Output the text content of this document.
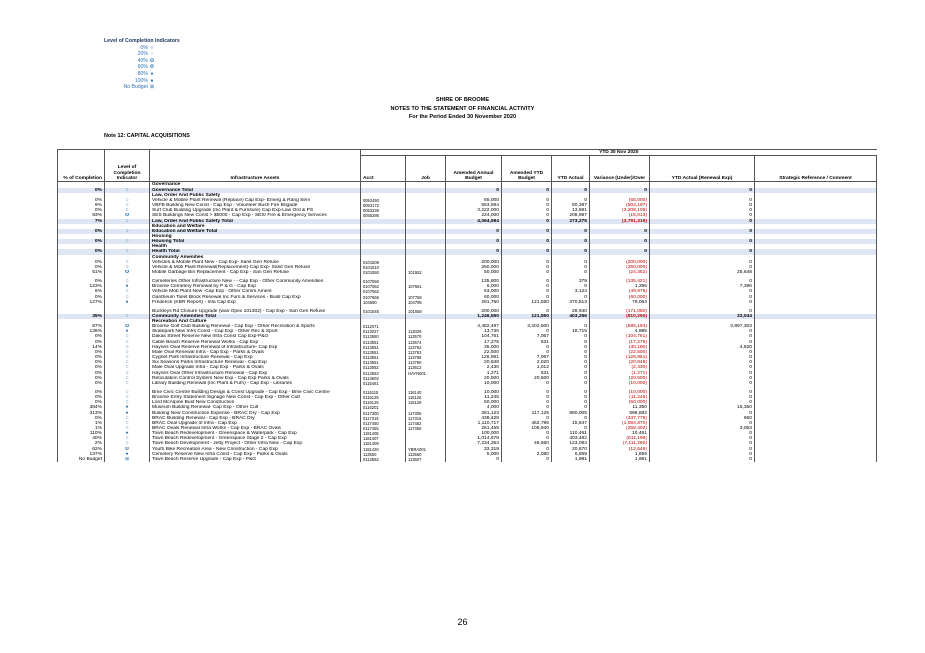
Level of Completion Indicators
0% ○
20% ◌
40% ✪
60% ❂
80% ●
100% ●
No Budget ⊠
SHIRE OF BROOME
NOTES TO THE STATEMENT OF FINANCIAL ACTIVITY
For the Period Ended 30 November 2020
Note 12: CAPITAL ACQUISITIONS
			YTD 30 Nov 2020							
% of Completion	Level of Completion Indicator	Infrastructure Assets	Acct	Job	Amended Annual Budget	Amended YTD Budget	YTD Actual	Variance (Under)/Over	YTD Actual (Renewal Exp)	Strategic Reference / Comment
		Governance								
0%	○	Governance Total			0	0	0	0	0	
		Law, Order And Public Safety								
0%	○	Vehicle & Mobile Plant Renewal (Replace) Cap Exp- Emerg & Rang Serv	0052450		65,000	0	0	(65,000)	0	
9%	○	VBFB Building New Const - Cap Exp - Volunteer Bush Fire Brigade	0053172		553,594	0	50,397	(503,197)	0	
0%	○	Surf Club Building Upgrade (Inc Plant & Furniture) Cap Exp-Law Ord & PS	0053239		3,222,000	0	13,891	(3,208,109)	0	
93%	✪	SES Buildings New Const > $5000 - Cap Exp - SES/ Fire & Emergency Services	0055286		224,000	0	208,987	(15,013)	0	
7%	○	Law, Order And Public Safety Total			4,064,594	0	273,275	(3,791,319)	0	
		Education and Welfare								
0%	○	Education and Welfare Total			0	0	0	0	0	
		Housing								
0%	○	Housing Total			0	0	0	0	0	
		Health								
0%	○	Health Total			0	0	0	0	0	
		Community Amenities								
0%	○	Vehicles & Mobile Plant New - Cap Exp- Sanit Gen Refuse	0101508		200,000	0	0	(200,000)	0	
0%	○	Vehicle & Mob Plant Renewal(Replacement)-Cap Exp- Sanit Gen Refuse	0101510		250,000	0	0	(250,000)	0	
51%	✪	Mobile Garbage Bin Replacement - Cap Exp - San Gen Refuse	0101550	101552	50,000	0	0	(24,352)	25,648	
0%	○	Cemeteries Other Infrastructure New - - Cap Exp - Other Community Amenities	0107550		135,800	0	379	(135,421)	0	
123%	●	Broome Cemetery Renewal by P & G - Cap Exp	0107552	107561	6,000	0	0	1,396	7,396	
6%	○	Vehicle Mob Plant New -Cap Exp - Other Comm Ament	0107562		53,000	0	3,124	(49,876)	0	
0%	○	Gantheum Toilet Block Renewal Inc Furn & Services - Build Cap Exp	0107666	107768	60,000	0	0	(60,000)	0	
127%	●	Frederick (KBR Report) - Infa Cap Exp	104690	104795	291,750	121,550	370,813	79,063	0	
		Buckleys Rd Closure Upgrade (was Opex 101302) - Cap Exp - San Gen Refuse	0101545	101558	200,000	0	28,940	(171,060)	0	
35%	○	Community Amenities Total			1,246,550	121,550	403,256	(810,250)	33,044	
		Recreation And Culture								
87%	✪	Broome Golf Club Building Renewal - Cap Exp - Other Recreation & Sports	0112071		4,482,497	3,202,500	0	(585,194)	3,897,303	
136%	●	Skatepark New Infrs Const - Cap Exp - Other Rec & Sport	0113027	113029	13,730	0	18,715	4,985	0	
0%	○	Dakas Street Reserve New Infra Const Cap Exp-P&O	0113550	113570	104,761	7,067	0	(104,761)	0	
0%	○	Cable Beach Reserve Renewal Works - Cap Exp	0113551	113674	17,275	531	0	(17,275)	0	
14%	○	Haynes Oval Reserve Renewal of Infrastructure- Cap Exp	0113551	113762	35,000	0	0	(30,180)	4,820	
0%	○	Male Oval Renewal Infra - Cap Exp - Parks & Ovals	0113551	113763	22,500	0	0	(22,500)	0	
0%	○	Cygnet Park Infrastructure Renewal - Cap Exp	0113551	113788	126,961	7,067	0	(126,961)	0	
0%	○	Six Seasons Parks Infrastructure Renewal - Cap Exp	0113551	113790	20,848	2,020	0	(20,848)	0	
0%	○	Male Oval Upgrade Infra - Cap Exp - Parks & Ovals	0113552	113613	2,430	1,012	0	(2,430)	0	
0%	○	Haynes Oval Other Infrastructure Renewal - Cap Exp	0113553	HAYN001	1,271	531	0	(1,271)	0	
0%	○	Reticulation Control System New Exp - Cap Exp Parks & Ovals	0113603		20,500	20,500	0	(20,500)	0	
0%	○	Library Building Renewal (Inc Plant & Furn) - Cap Exp - Libraries	0115461		10,000	0	0	(10,000)	0	
0%	○	Bme Civic Centre Building Design & Const Upgrade - Cap Exp - Bme Civic Centre	0116115	116140	10,000	0	0	(10,000)	0	
0%	○	Broome Entry Statement Signage New Const - Cap Exp - Other Cult	0116125	116126	11,245	0	0	(11,245)	0	
0%	○	Lord McAlpine Bust New Construction	0116125	116128	50,000	0	0	(50,000)	0	
384%	●	Museum Building Renewal- Cap Exp - Other Cult	0116201		4,000	0	0	11,350	15,350	
313%	●	Building New Construction Expense - BRAC Dry - Cap Exp	0117300	117305	281,123	117,125	880,005	598,882	0	
0%	○	BRAC Building Renewal - Cap Exp - BRAC Dry	0117315	117316	438,428	0	0	(437,778)	650	
1%	○	BRAC Oval Upgrade of Infra - Cap Exp	0117450	117452	1,110,717	462,795	15,847	(1,094,870)	0	
1%	○	BRAC Ovals Renewal Infra Works - Cap Exp - BRAC Ovals	0117455	117456	261,455	108,940	0	(258,402)	3,053	
110%	●	Town Beach Redevelopment - Greenspace & Waterpark - Cap Exp	1181405		100,000	0	110,461	10,461	0	
40%	○	Town Beach Redevelopment - Greenspace Stage 2 - Cap Exp	1181407		1,014,678	0	403,482	(611,196)	0	
2%	○	Town Beach Development - Jetty Project - Other Infra New - Cap Exp	1181409		7,234,354	48,560	123,094	(7,111,260)	0	
62%	❂	Youth Bike Recreation Area - New Construction - Cap Exp	1181420	YBRA001	33,319	0	20,670	(12,649)	0	
137%	●	Cemetery Reserve New Infra Const - Cap Exp - Parks & Ovals	113550	113560	5,000	2,080	6,859	1,859	0	
No Budget	⊠	Town Beach Reserve Upgrade - Cap Exp - P&G	0113552	113607	0	0	1,981	1,981	0	
26
